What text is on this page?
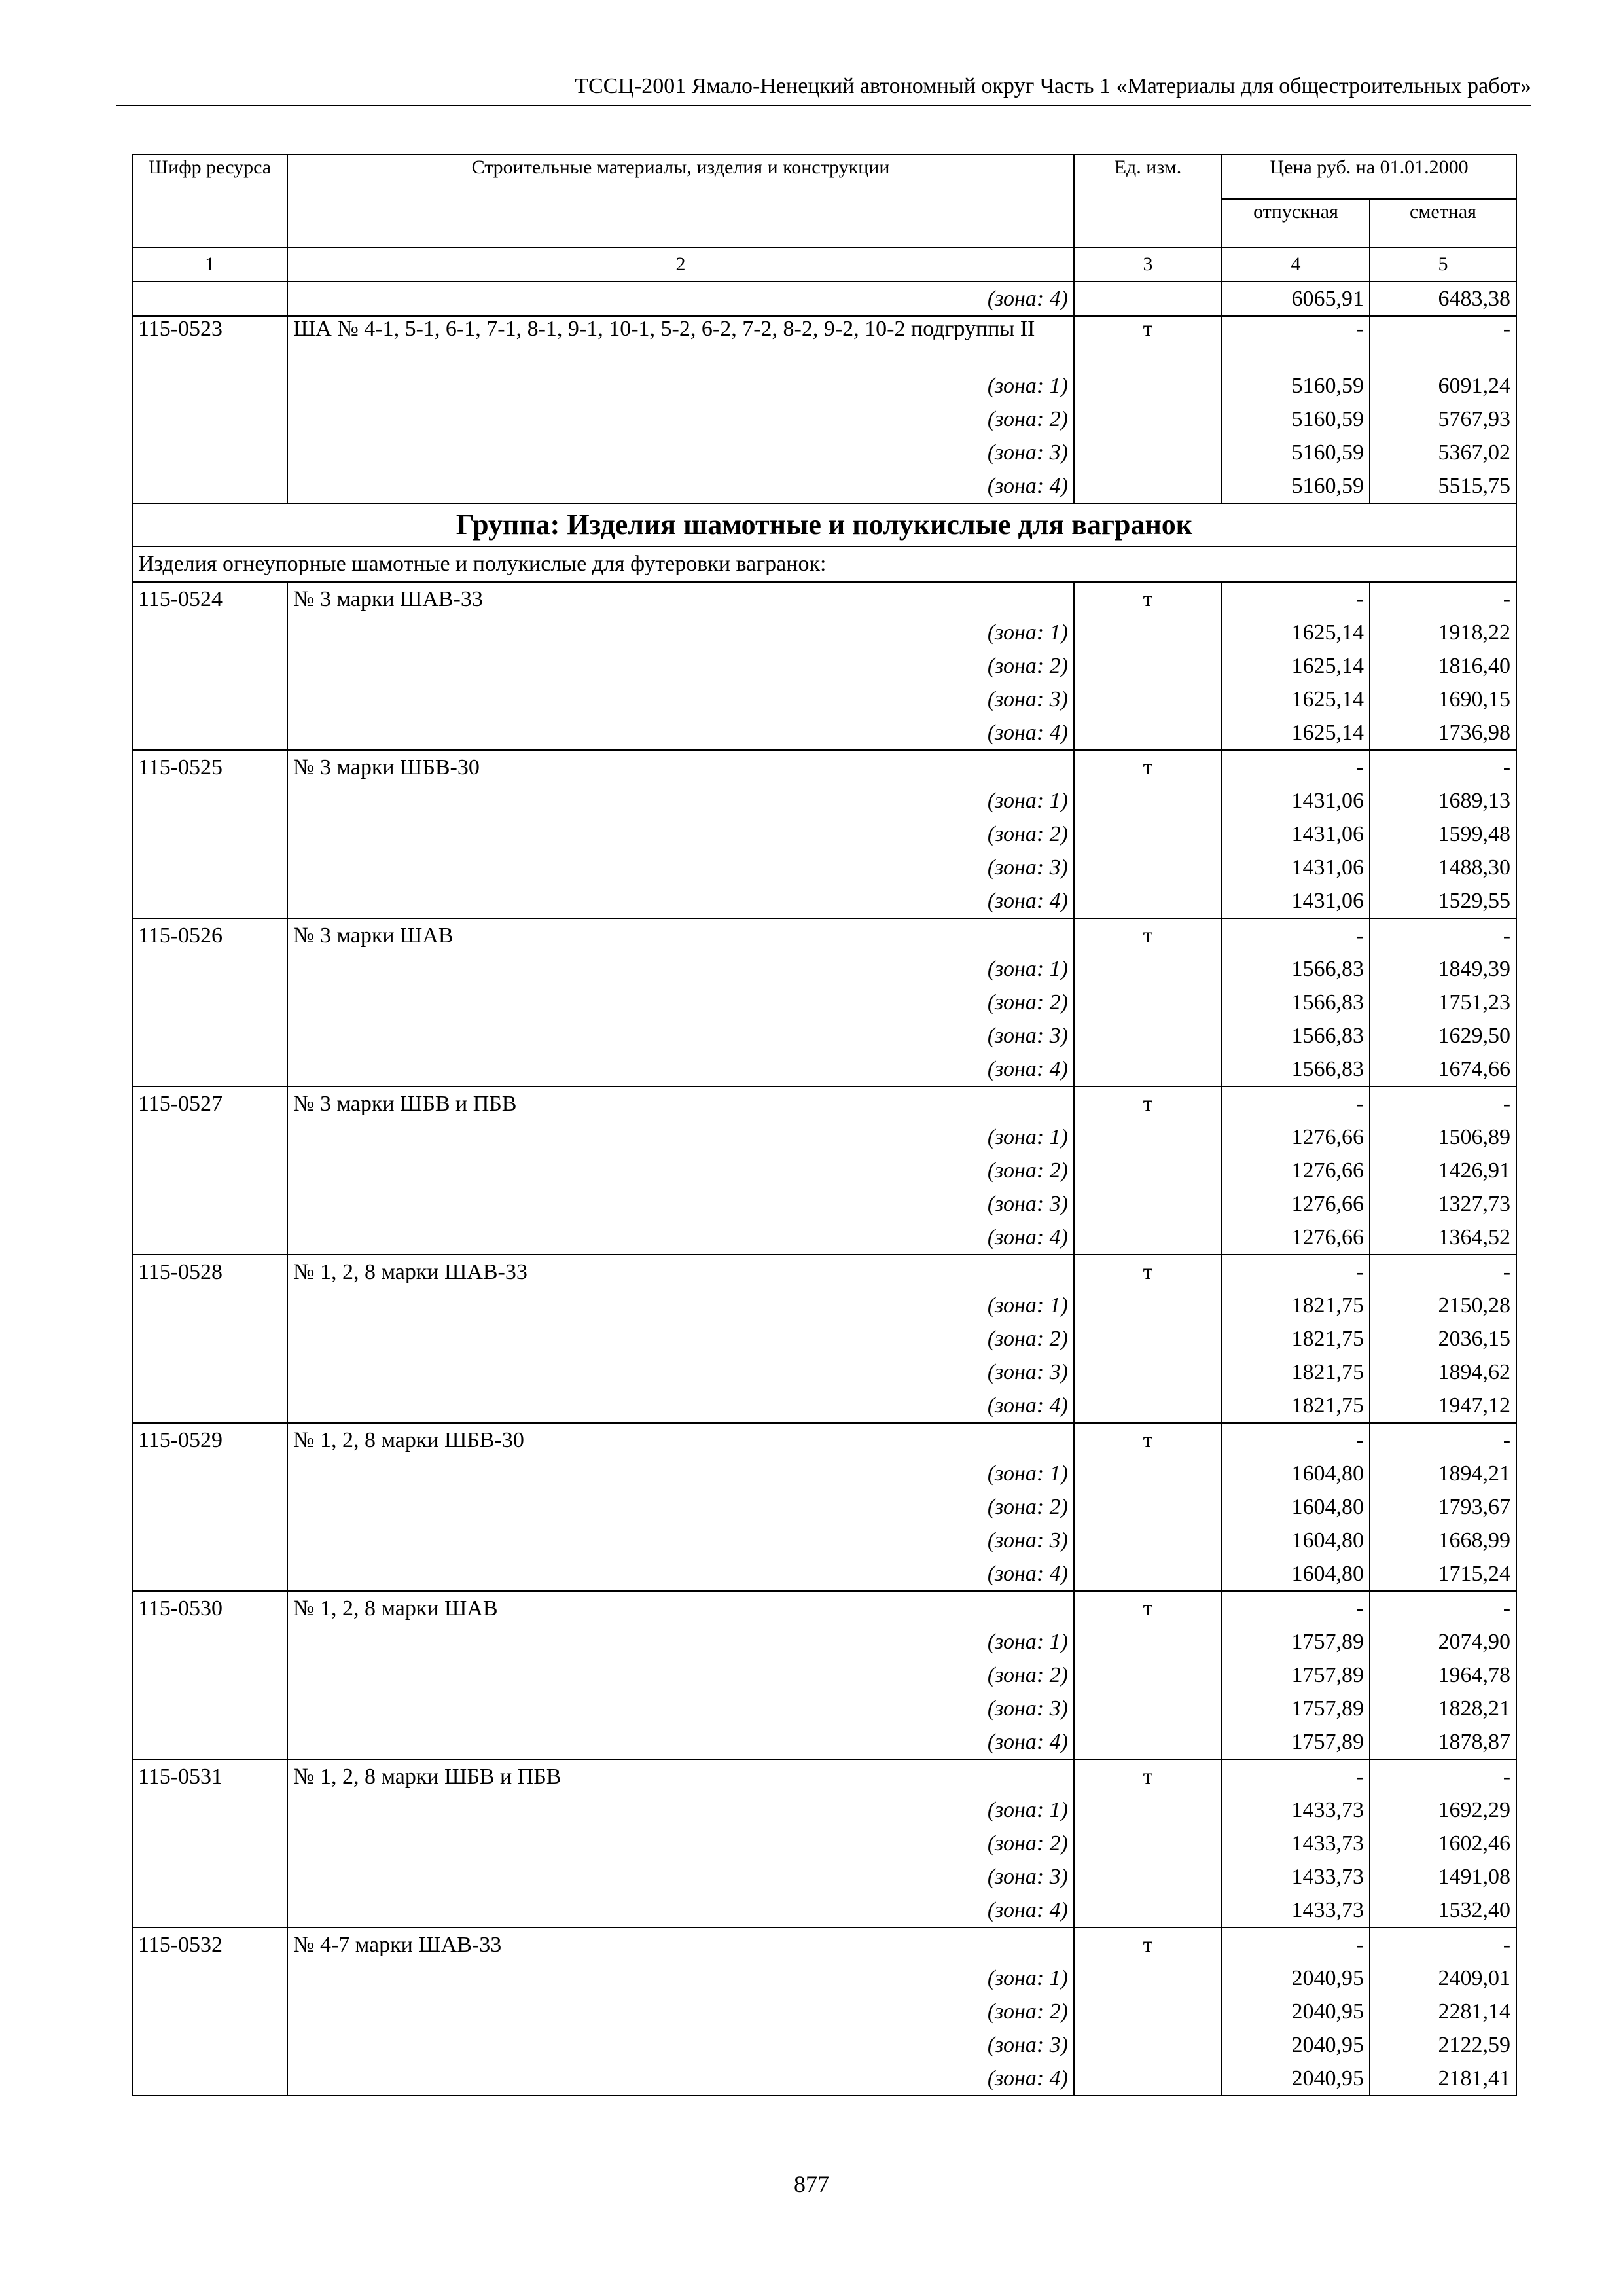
ТССЦ-2001 Ямало-Ненецкий автономный округ Часть 1 «Материалы для общестроительных работ»
Шифр ресурса	Строительные материалы, изделия и конструкции	Ед. изм.	Цена руб. на 01.01.2000	
			отпускная	сметная
1	2	3	4	5
	(зона: 4)		6065,91	6483,38
115-0523	ША № 4-1, 5-1, 6-1, 7-1, 8-1, 9-1, 10-1, 5-2, 6-2, 7-2, 8-2, 9-2, 10-2 подгруппы II	т	-	-
	(зона: 1)		5160,59	6091,24
	(зона: 2)		5160,59	5767,93
	(зона: 3)		5160,59	5367,02
	(зона: 4)		5160,59	5515,75
Группа: Изделия шамотные и полукислые для вагранок				
Изделия огнеупорные шамотные и полукислые для футеровки вагранок:				
115-0524	№ 3 марки ШАВ-33	т	-	-
	(зона: 1)		1625,14	1918,22
	(зона: 2)		1625,14	1816,40
	(зона: 3)		1625,14	1690,15
	(зона: 4)		1625,14	1736,98
115-0525	№ 3 марки ШБВ-30	т	-	-
	(зона: 1)		1431,06	1689,13
	(зона: 2)		1431,06	1599,48
	(зона: 3)		1431,06	1488,30
	(зона: 4)		1431,06	1529,55
115-0526	№ 3 марки ШАВ	т	-	-
	(зона: 1)		1566,83	1849,39
	(зона: 2)		1566,83	1751,23
	(зона: 3)		1566,83	1629,50
	(зона: 4)		1566,83	1674,66
115-0527	№ 3 марки ШБВ и ПБВ	т	-	-
	(зона: 1)		1276,66	1506,89
	(зона: 2)		1276,66	1426,91
	(зона: 3)		1276,66	1327,73
	(зона: 4)		1276,66	1364,52
115-0528	№ 1, 2, 8 марки ШАВ-33	т	-	-
	(зона: 1)		1821,75	2150,28
	(зона: 2)		1821,75	2036,15
	(зона: 3)		1821,75	1894,62
	(зона: 4)		1821,75	1947,12
115-0529	№ 1, 2, 8 марки ШБВ-30	т	-	-
	(зона: 1)		1604,80	1894,21
	(зона: 2)		1604,80	1793,67
	(зона: 3)		1604,80	1668,99
	(зона: 4)		1604,80	1715,24
115-0530	№ 1, 2, 8 марки ШАВ	т	-	-
	(зона: 1)		1757,89	2074,90
	(зона: 2)		1757,89	1964,78
	(зона: 3)		1757,89	1828,21
	(зона: 4)		1757,89	1878,87
115-0531	№ 1, 2, 8 марки ШБВ и ПБВ	т	-	-
	(зона: 1)		1433,73	1692,29
	(зона: 2)		1433,73	1602,46
	(зона: 3)		1433,73	1491,08
	(зона: 4)		1433,73	1532,40
115-0532	№ 4-7 марки ШАВ-33	т	-	-
	(зона: 1)		2040,95	2409,01
	(зона: 2)		2040,95	2281,14
	(зона: 3)		2040,95	2122,59
	(зона: 4)		2040,95	2181,41
877
